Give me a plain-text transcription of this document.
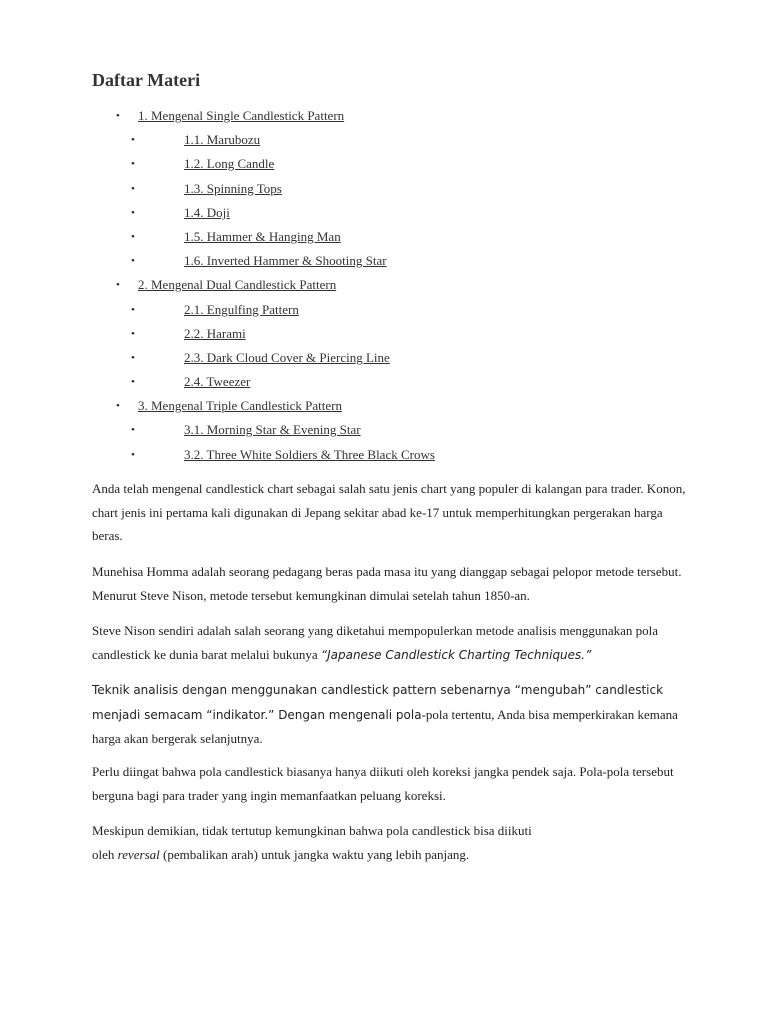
Daftar Materi
• 1. Mengenal Single Candlestick Pattern
•	1.1. Marubozu
•	1.2. Long Candle
•	1.3. Spinning Tops
•	1.4. Doji
•	1.5. Hammer & Hanging Man
•	1.6. Inverted Hammer & Shooting Star
• 2. Mengenal Dual Candlestick Pattern
•	2.1. Engulfing Pattern
•	2.2. Harami
•	2.3. Dark Cloud Cover & Piercing Line
•	2.4. Tweezer
• 3. Mengenal Triple Candlestick Pattern
•	3.1. Morning Star & Evening Star
•	3.2. Three White Soldiers & Three Black Crows

Anda telah mengenal candlestick chart sebagai salah satu jenis chart yang populer di kalangan para trader. Konon, chart jenis ini pertama kali digunakan di Jepang sekitar abad ke-17 untuk memperhitungkan pergerakan harga beras.

Munehisa Homma adalah seorang pedagang beras pada masa itu yang dianggap sebagai pelopor metode tersebut. Menurut Steve Nison, metode tersebut kemungkinan dimulai setelah tahun 1850-an.

Steve Nison sendiri adalah salah seorang yang diketahui mempopulerkan metode analisis menggunakan pola candlestick ke dunia barat melalui bukunya “Japanese Candlestick Charting Techniques.”

Teknik analisis dengan menggunakan candlestick pattern sebenarnya “mengubah” candlestick menjadi semacam “indikator.” Dengan mengenali pola-pola tertentu, Anda bisa memperkirakan kemana harga akan bergerak selanjutnya.

Perlu diingat bahwa pola candlestick biasanya hanya diikuti oleh koreksi jangka pendek saja. Pola-pola tersebut berguna bagi para trader yang ingin memanfaatkan peluang koreksi.

Meskipun demikian, tidak tertutup kemungkinan bahwa pola candlestick bisa diikuti
oleh reversal (pembalikan arah) untuk jangka waktu yang lebih panjang.
